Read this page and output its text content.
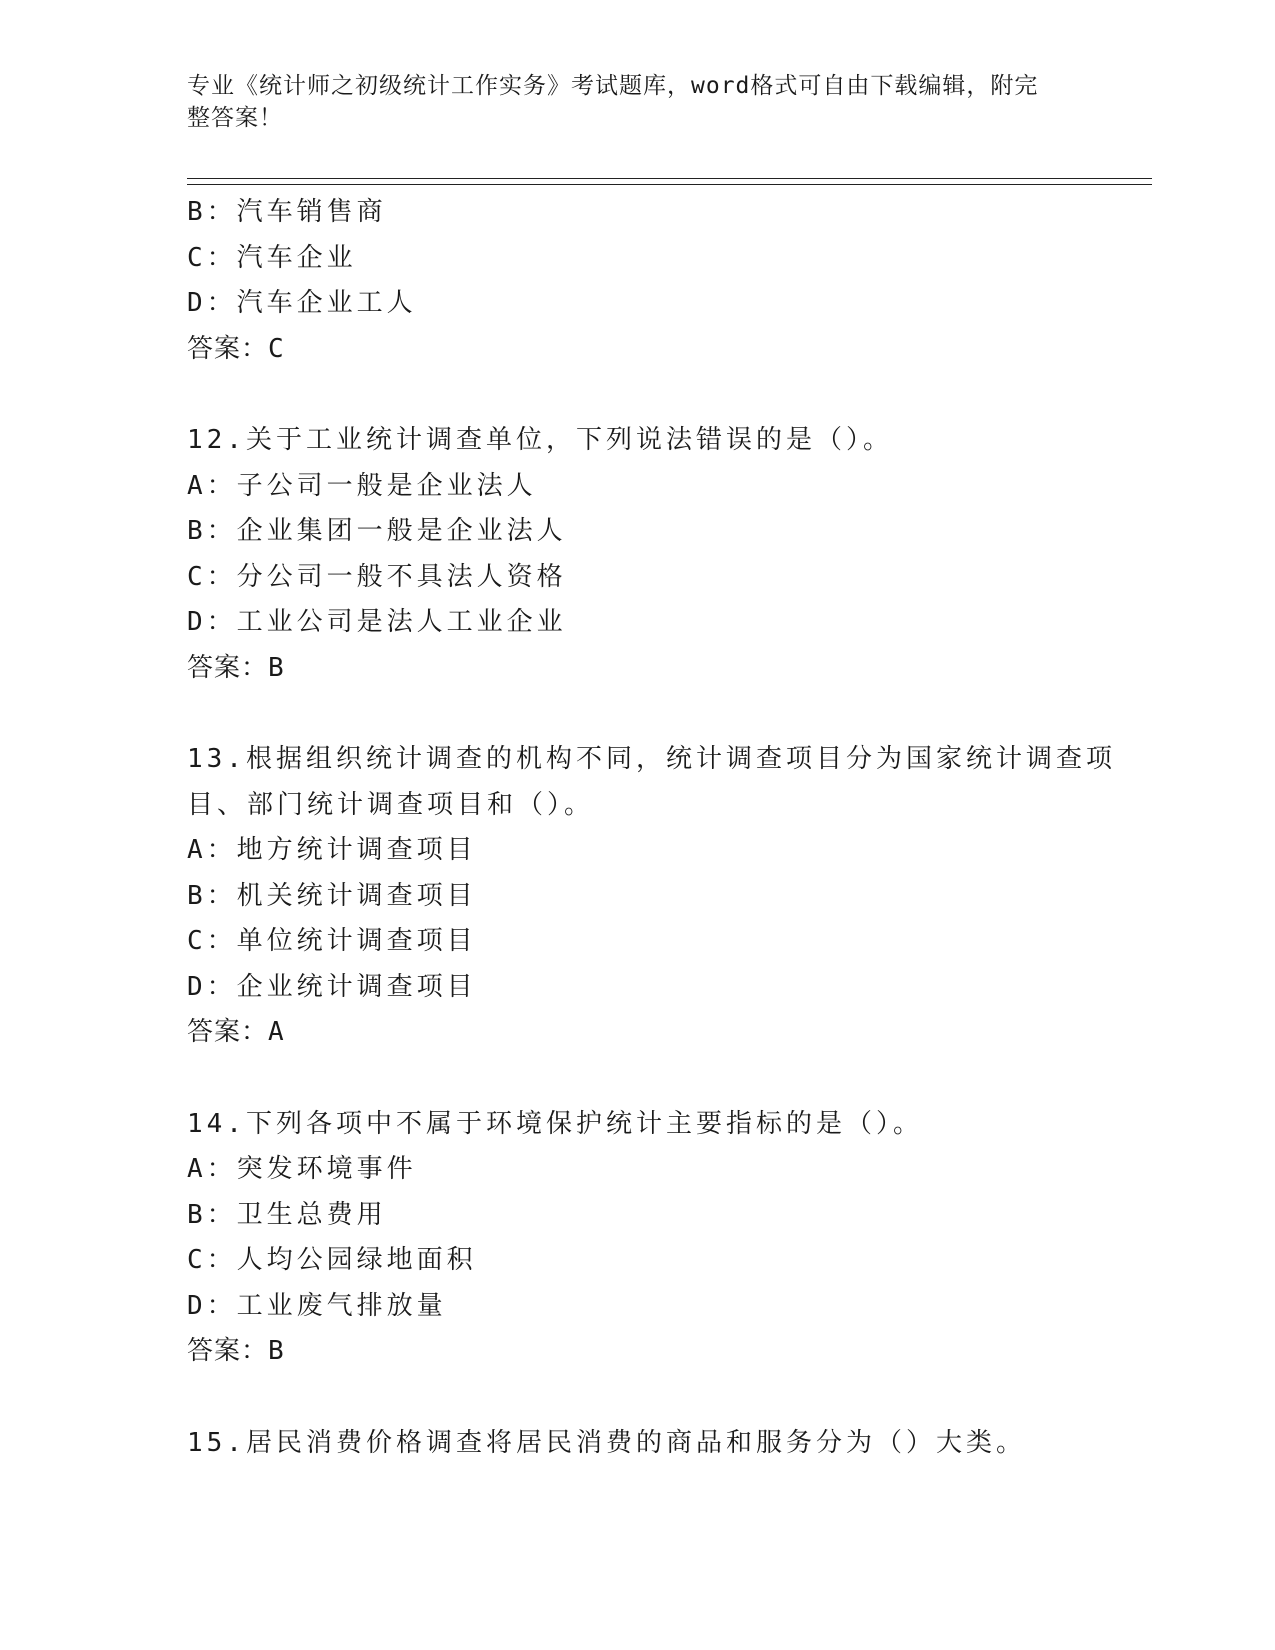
专业《统计师之初级统计工作实务》考试题库，word格式可自由下载编辑，附完
整答案！
B：汽车销售商
C：汽车企业
D：汽车企业工人
答案：C
12.关于工业统计调查单位，下列说法错误的是（）。
A：子公司一般是企业法人
B：企业集团一般是企业法人
C：分公司一般不具法人资格
D：工业公司是法人工业企业
答案：B
13.根据组织统计调查的机构不同，统计调查项目分为国家统计调查项
目、部门统计调查项目和（）。
A：地方统计调查项目
B：机关统计调查项目
C：单位统计调查项目
D：企业统计调查项目
答案：A
14.下列各项中不属于环境保护统计主要指标的是（）。
A：突发环境事件
B：卫生总费用
C：人均公园绿地面积
D：工业废气排放量
答案：B
15.居民消费价格调查将居民消费的商品和服务分为（）大类。
